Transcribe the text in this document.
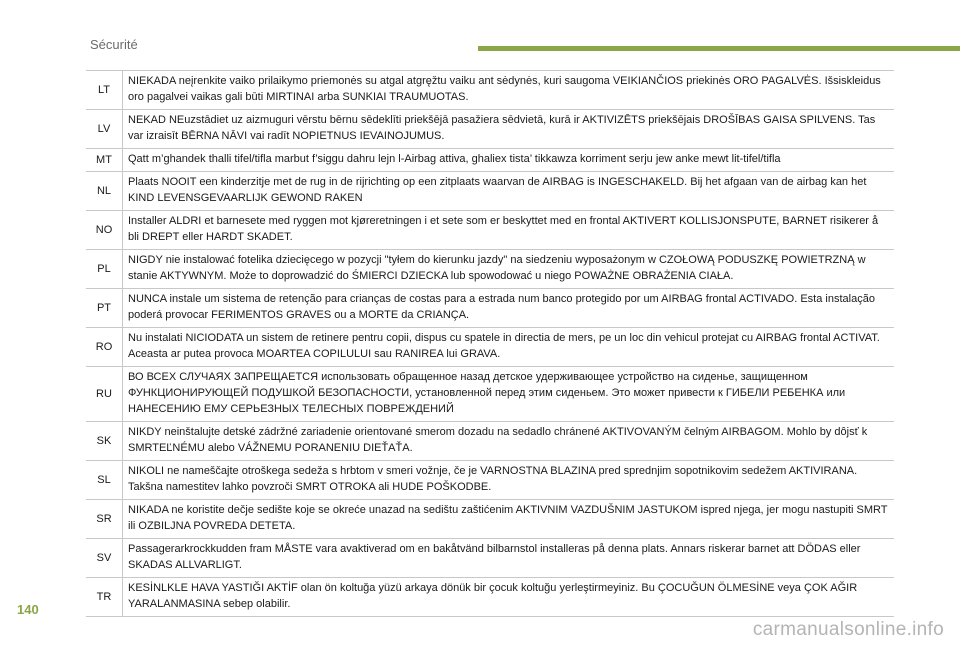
Sécurité
LT	NIEKADA neįrenkite vaiko prilaikymo priemonės su atgal atgręžtu vaiku ant sėdynės, kuri saugoma VEIKIANČIOS priekinės ORO PAGALVĖS. Išsiskleidus oro pagalvei vaikas gali būti MIRTINAI arba SUNKIAI TRAUMUOTAS.
LV	NEKAD NEuzstādiet uz aizmuguri vērstu bērnu sēdeklīti priekšējā pasažiera sēdvietā, kurā ir AKTIVIZĒTS priekšējais DROŠĪBAS GAISA SPILVENS. Tas var izraisīt BĒRNA NĀVI vai radīt NOPIETNUS IEVAINOJUMUS.
MT	Qatt m’ghandek thalli tifel/tifla marbut f’siggu dahru lejn l-Airbag attiva, ghaliex tista’ tikkawza korriment serju jew anke mewt lit-tifel/tifla
NL	Plaats NOOIT een kinderzitje met de rug in de rijrichting op een zitplaats waarvan de AIRBAG is INGESCHAKELD. Bij het afgaan van de airbag kan het KIND LEVENSGEVAARLIJK GEWOND RAKEN
NO	Installer ALDRI et barnesete med ryggen mot kjøreretningen i et sete som er beskyttet med en frontal AKTIVERT KOLLISJONSPUTE, BARNET risikerer å bli DREPT eller HARDT SKADET.
PL	NIGDY nie instalować fotelika dziecięcego w pozycji "tyłem do kierunku jazdy" na siedzeniu wyposażonym w CZOŁOWĄ PODUSZKĘ POWIETRZNĄ w stanie AKTYWNYM. Może to doprowadzić do ŚMIERCI DZIECKA lub spowodować u niego POWAŻNE OBRAŻENIA CIAŁA.
PT	NUNCA instale um sistema de retenção para crianças de costas para a estrada num banco protegido por um AIRBAG frontal ACTIVADO. Esta instalação poderá provocar FERIMENTOS GRAVES ou a MORTE da CRIANÇA.
RO	Nu instalati NICIODATA un sistem de retinere pentru copii, dispus cu spatele in directia de mers, pe un loc din vehicul protejat cu AIRBAG frontal ACTIVAT. Aceasta ar putea provoca MOARTEA COPILULUI sau RANIREA lui GRAVA.
RU	ВО ВСЕХ СЛУЧАЯХ ЗАПРЕЩАЕТСЯ использовать обращенное назад детское удерживающее устройство на сиденье, защищенном ФУНКЦИОНИРУЮЩЕЙ ПОДУШКОЙ БЕЗОПАСНОСТИ, установленной перед этим сиденьем. Это может привести к ГИБЕЛИ РЕБЕНКА или НАНЕСЕНИЮ ЕМУ СЕРЬЕЗНЫХ ТЕЛЕСНЫХ ПОВРЕЖДЕНИЙ
SK	NIKDY neinštalujte detské zádržné zariadenie orientované smerom dozadu na sedadlo chránené AKTIVOVANÝM čelným AIRBAGOM. Mohlo by dôjsť k SMRTEĽNÉMU alebo VÁŽNEMU PORANENIU DIEŤAŤA.
SL	NIKOLI ne nameščajte otroškega sedeža s hrbtom v smeri vožnje, če je VARNOSTNA BLAZINA pred sprednjim sopotnikovim sedežem AKTIVIRANA. Takšna namestitev lahko povzroči SMRT OTROKA ali HUDE POŠKODBE.
SR	NIKADA ne koristite dečje sedište koje se okreće unazad na sedištu zaštićenim AKTIVNIM VAZDUŠNIM JASTUKOM ispred njega, jer mogu nastupiti SMRT ili OZBILJNA POVREDA DETETA.
SV	Passagerarkrockkudden fram MÅSTE vara avaktiverad om en bakåtvänd bilbarnstol installeras på denna plats. Annars riskerar barnet att DÖDAS eller SKADAS ALLVARLIGT.
TR	KESİNLKLE HAVA YASTIĞI AKTİF olan ön koltuğa yüzü arkaya dönük bir çocuk koltuğu yerleştirmeyiniz. Bu ÇOCUĞUN ÖLMESİNE veya ÇOK AĞIR YARALANMASINA sebep olabilir.
140
carmanualsonline.info
